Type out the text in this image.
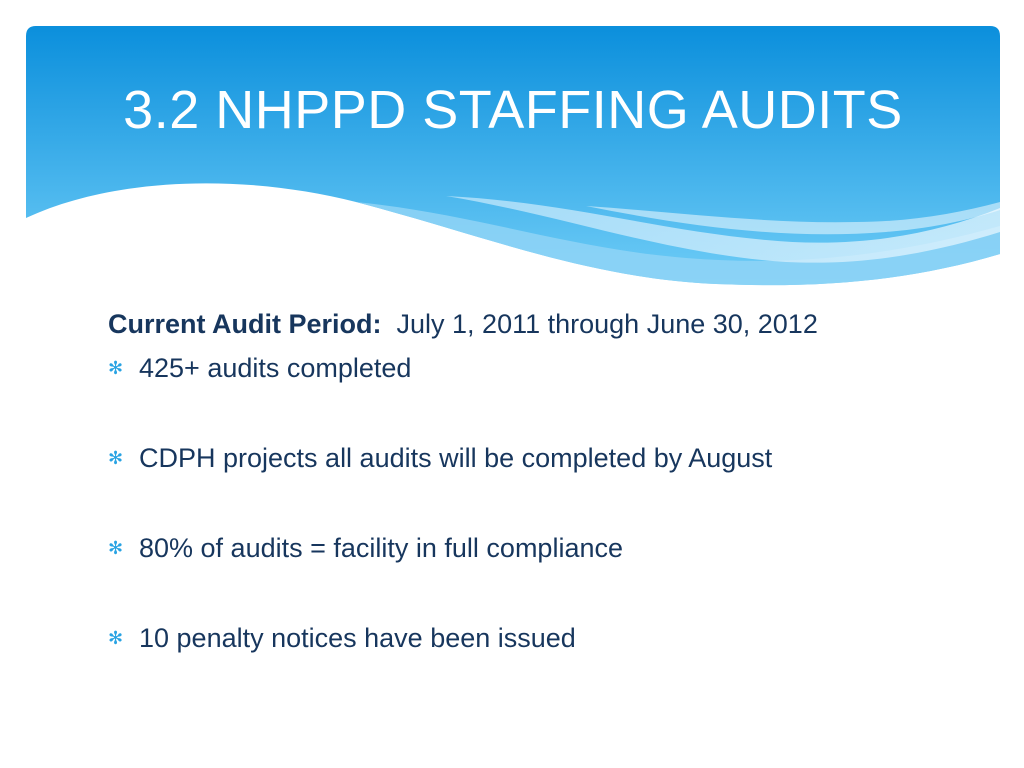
3.2 NHPPD STAFFING AUDITS
Current Audit Period: July 1, 2011 through June 30, 2012
✻ 425+ audits completed
✻ CDPH projects all audits will be completed by August
✻ 80% of audits = facility in full compliance
✻ 10 penalty notices have been issued
